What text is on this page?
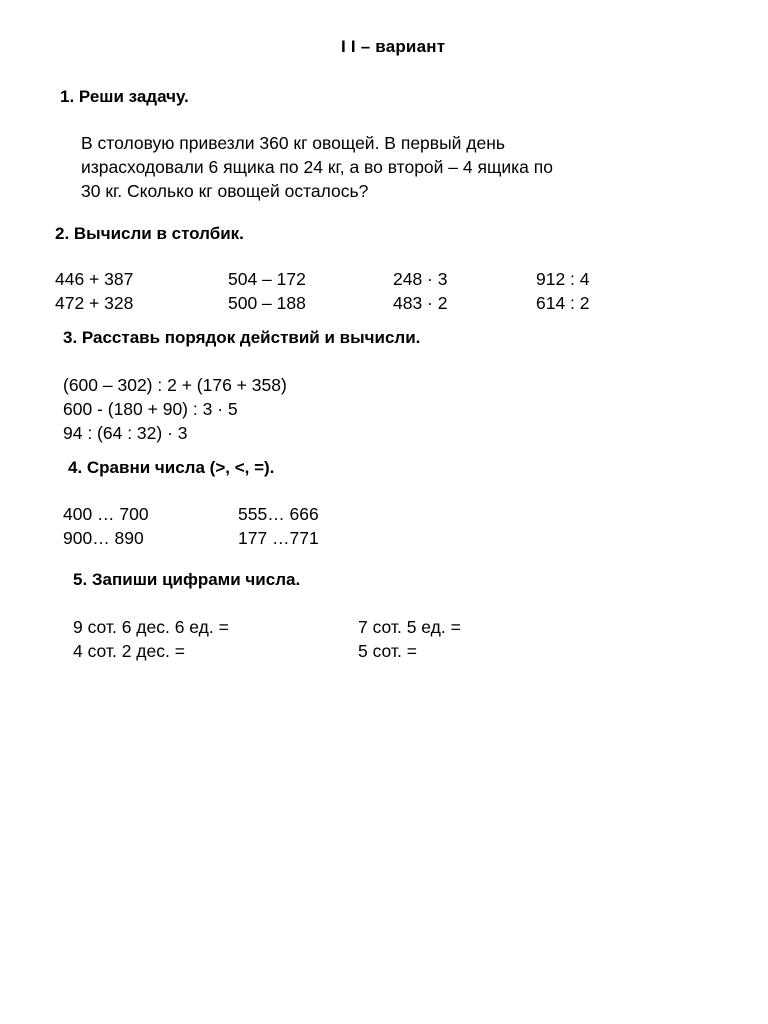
I I – вариант
1. Реши задачу.
В столовую привезли 360 кг овощей. В первый день
израсходовали 6 ящика по 24 кг, а во второй – 4 ящика по
30 кг. Сколько кг овощей осталось?
2. Вычисли в столбик.
446 + 387	504 – 172	248 · 3	912 : 4
472 + 328	500 – 188	483 · 2	614 : 2
3. Расставь порядок действий и вычисли.
(600 – 302) : 2 + (176 + 358)
600 - (180 + 90) : 3 · 5
94 : (64 : 32) · 3
4. Сравни числа (>, <, =).
400 … 700	555… 666
900… 890	177 …771
5. Запиши цифрами числа.
9 сот. 6 дес. 6 ед. =	7 сот. 5 ед. =
4 сот. 2 дес. =	5 сот. =
